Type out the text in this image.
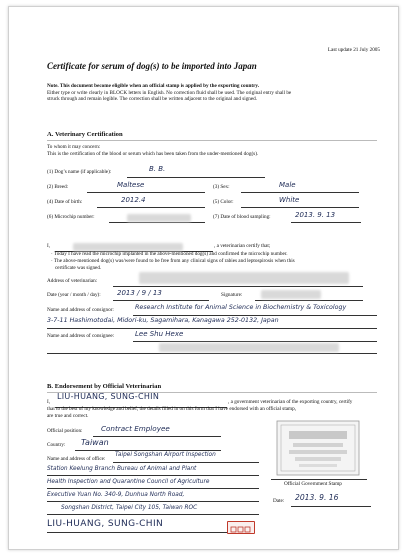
Last update 21 July 2005
Certificate for serum of dog(s) to be imported into Japan
Note. This document become eligible when an official stamp is applied by the exporting country.
Either type or write clearly in BLOCK letters in English. No correction fluid shall be used. The original entry shall be
struck through and remain legible. The correction shall be written adjacent to the original and signed.
A. Veterinary Certification
To whom it may concern:
This is the certification of the blood or serum which has been taken from the under-mentioned dog(s).
(1) Dog’s name (if applicable):	B. B.
(2) Breed:	Maltese	(3) Sex:	Male
(4) Date of birth:	2012.4	(5) Color:	White
(6) Microchip number:	(7) Date of blood sampling:	2013. 9. 13
I,	, a veterinarian certify that;
· Today I have read the microchip implanted in the above-mentioned dog(s) and confirmed the microchip number.
· The above-mentioned dog(s) was/were found to be free from any clinical signs of rabies and leptospirosis when this
certificate was signed.
Address of veterinarian:
Date (year / month / day): 2013 / 9 / 13	Signature:
Name and address of consignor:	Research Institute for Animal Science in Biochemistry & Toxicology
3-7-11 Hashimotodai, Midori-ku, Sagamihara, Kanagawa 252-0132, Japan
Name and address of consignee:	Lee Shu Hexe
B. Endorsement by Official Veterinarian
LIU-HUANG, SUNG-CHIN
I,	, a government veterinarian of the exporting country, certify
that to the best of my knowledge and belief, the details filled in on this form that I have endorsed with an official stamp,
are true and correct.
Official position:	Contract Employee
Country: Taiwan
Name and address of office:
Taipei Songshan Airport Inspection
Station Keelung Branch Bureau of Animal and Plant
Health Inspection and Quarantine Council of Agriculture
Executive Yuan No. 340-9, Dunhua North Road,
Songshan District, Taipei City 105, Taiwan ROC
Official Government Stamp
Date: 2013. 9. 16
LIU-HUANG, SUNG-CHIN
